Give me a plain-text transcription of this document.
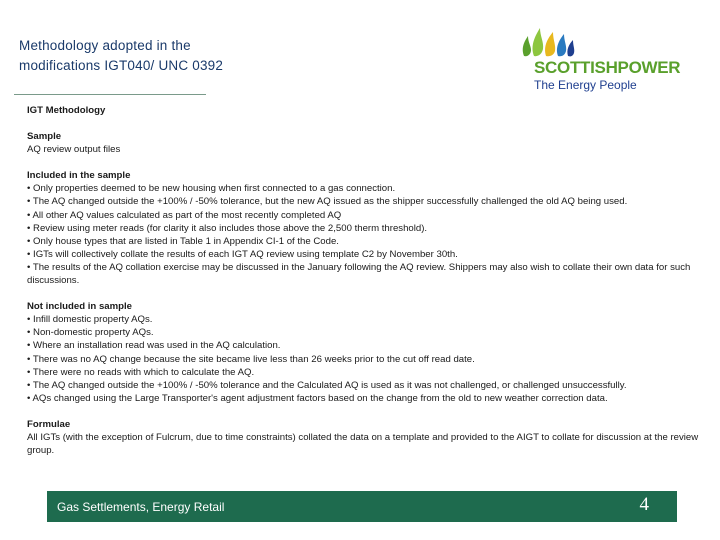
Methodology adopted in the
modifications IGT040/ UNC 0392	SCOTTISHPOWER
The Energy People

IGT Methodology

Sample

AQ review output files

Included in the sample

• Only properties deemed to be new housing when first connected to a gas connection.

• The AQ changed outside the +100% / -50% tolerance, but the new AQ issued as the shipper successfully challenged the old AQ being used.

• All other AQ values calculated as part of the most recently completed AQ

• Review using meter reads (for clarity it also includes those above the 2,500 therm threshold).

• Only house types that are listed in Table 1 in Appendix CI-1 of the Code.

• IGTs will collectively collate the results of each IGT AQ review using template C2 by November 30th.

• The results of the AQ collation exercise may be discussed in the January following the AQ review. Shippers may also wish to collate their own data for such discussions.

Not included in sample

• Infill domestic property AQs.

• Non-domestic property AQs.

• Where an installation read was used in the AQ calculation.

• There was no AQ change because the site became live less than 26 weeks prior to the cut off read date.

• There were no reads with which to calculate the AQ.

• The AQ changed outside the +100% / -50% tolerance and the Calculated AQ is used as it was not challenged, or challenged unsuccessfully.

• AQs changed using the Large Transporter's agent adjustment factors based on the change from the old to new weather correction data.

Formulae

All IGTs (with the exception of Fulcrum, due to time constraints) collated the data on a template and provided to the AIGT to collate for discussion at the review group.

Gas Settlements, Energy Retail	4
